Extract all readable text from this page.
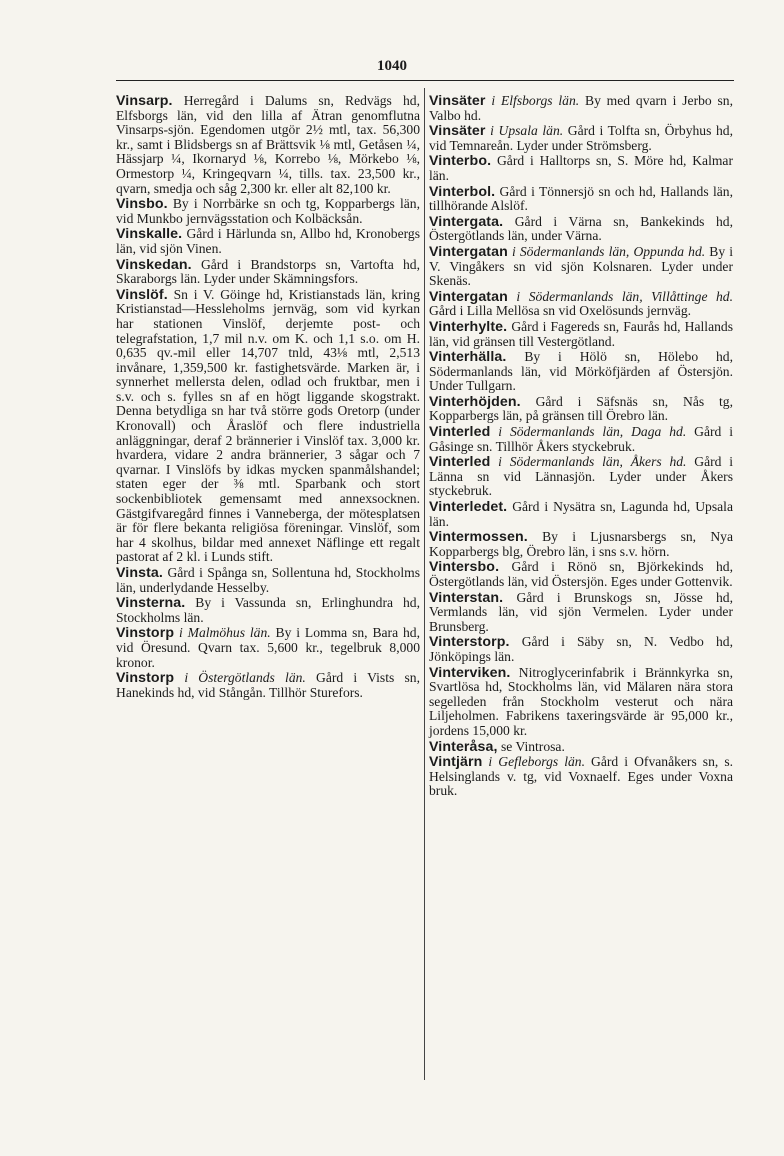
1040

Vinsarp. Herregård i Dalums sn, Redvägs hd, Elfsborgs län, vid den lilla af Ätran genomflutna Vinsarps-sjön. Egendomen utgör 2½ mtl, tax. 56,300 kr., samt i Blidsbergs sn af Brättsvik ⅛ mtl, Getåsen ¼, Hässjarp ¼, Ikornaryd ⅛, Korrebo ⅛, Mörkebo ⅛, Ormestorp ¼, Kringeqvarn ¼, tills. tax. 23,500 kr., qvarn, smedja och såg 2,300 kr. eller alt 82,100 kr.

Vinsbo. By i Norrbärke sn och tg, Kopparbergs län, vid Munkbo jernvägsstation och Kolbäcksån.

Vinskalle. Gård i Härlunda sn, Allbo hd, Kronobergs län, vid sjön Vinen.

Vinskedan. Gård i Brandstorps sn, Vartofta hd, Skaraborgs län. Lyder under Skämningsfors.

Vinslöf. Sn i V. Göinge hd, Kristianstads län, kring Kristianstad—Hessleholms jernväg, som vid kyrkan har stationen Vinslöf, derjemte post- och telegrafstation, 1,7 mil n.v. om K. och 1,1 s.o. om H. 0,635 qv.-mil eller 14,707 tnld, 43⅛ mtl, 2,513 invånare, 1,359,500 kr. fastighetsvärde. Marken är, i synnerhet mellersta delen, odlad och fruktbar, men i s.v. och s. fylles sn af en högt liggande skogstrakt. Denna betydliga sn har två större gods Oretorp (under Kronovall) och Åraslöf och flere industriella anläggningar, deraf 2 brännerier i Vinslöf tax. 3,000 kr. hvardera, vidare 2 andra brännerier, 3 sågar och 7 qvarnar. I Vinslöfs by idkas mycken spanmålshandel; staten eger der ⅜ mtl. Sparbank och stort sockenbibliotek gemensamt med annexsocknen. Gästgifvaregård finnes i Vanneberga, der mötesplatsen är för flere bekanta religiösa föreningar. Vinslöf, som har 4 skolhus, bildar med annexet Näflinge ett regalt pastorat af 2 kl. i Lunds stift.

Vinsta. Gård i Spånga sn, Sollentuna hd, Stockholms län, underlydande Hesselby.

Vinsterna. By i Vassunda sn, Erlinghundra hd, Stockholms län.

Vinstorp i Malmöhus län. By i Lomma sn, Bara hd, vid Öresund. Qvarn tax. 5,600 kr., tegelbruk 8,000 kronor.

Vinstorp i Östergötlands län. Gård i Vists sn, Hanekinds hd, vid Stångån. Tillhör Sturefors.

Vinsäter i Elfsborgs län. By med qvarn i Jerbo sn, Valbo hd.

Vinsäter i Upsala län. Gård i Tolfta sn, Örbyhus hd, vid Temnareån. Lyder under Strömsberg.

Vinterbo. Gård i Halltorps sn, S. Möre hd, Kalmar län.

Vinterbol. Gård i Tönnersjö sn och hd, Hallands län, tillhörande Alslöf.

Vintergata. Gård i Värna sn, Bankekinds hd, Östergötlands län, under Värna.

Vintergatan i Södermanlands län, Oppunda hd. By i V. Vingåkers sn vid sjön Kolsnaren. Lyder under Skenäs.

Vintergatan i Södermanlands län, Villåttinge hd. Gård i Lilla Mellösa sn vid Oxelösunds jernväg.

Vinterhylte. Gård i Fagereds sn, Faurås hd, Hallands län, vid gränsen till Vestergötland.

Vinterhälla. By i Hölö sn, Hölebo hd, Södermanlands län, vid Mörköfjärden af Östersjön. Under Tullgarn.

Vinterhöjden. Gård i Säfsnäs sn, Nås tg, Kopparbergs län, på gränsen till Örebro län.

Vinterled i Södermanlands län, Daga hd. Gård i Gåsinge sn. Tillhör Åkers styckebruk.

Vinterled i Södermanlands län, Åkers hd. Gård i Länna sn vid Lännasjön. Lyder under Åkers styckebruk.

Vinterledet. Gård i Nysätra sn, Lagunda hd, Upsala län.

Vintermossen. By i Ljusnarsbergs sn, Nya Kopparbergs blg, Örebro län, i sns s.v. hörn.

Vintersbo. Gård i Rönö sn, Björkekinds hd, Östergötlands län, vid Östersjön. Eges under Gottenvik.

Vinterstan. Gård i Brunskogs sn, Jösse hd, Vermlands län, vid sjön Vermelen. Lyder under Brunsberg.

Vinterstorp. Gård i Säby sn, N. Vedbo hd, Jönköpings län.

Vinterviken. Nitroglycerinfabrik i Brännkyrka sn, Svartlösa hd, Stockholms län, vid Mälaren nära stora segelleden från Stockholm vesterut och nära Liljeholmen. Fabrikens taxeringsvärde är 95,000 kr., jordens 15,000 kr.

Vinteråsa, se Vintrosa.

Vintjärn i Gefleborgs län. Gård i Ofvanåkers sn, s. Helsinglands v. tg, vid Voxnaelf. Eges under Voxna bruk.
